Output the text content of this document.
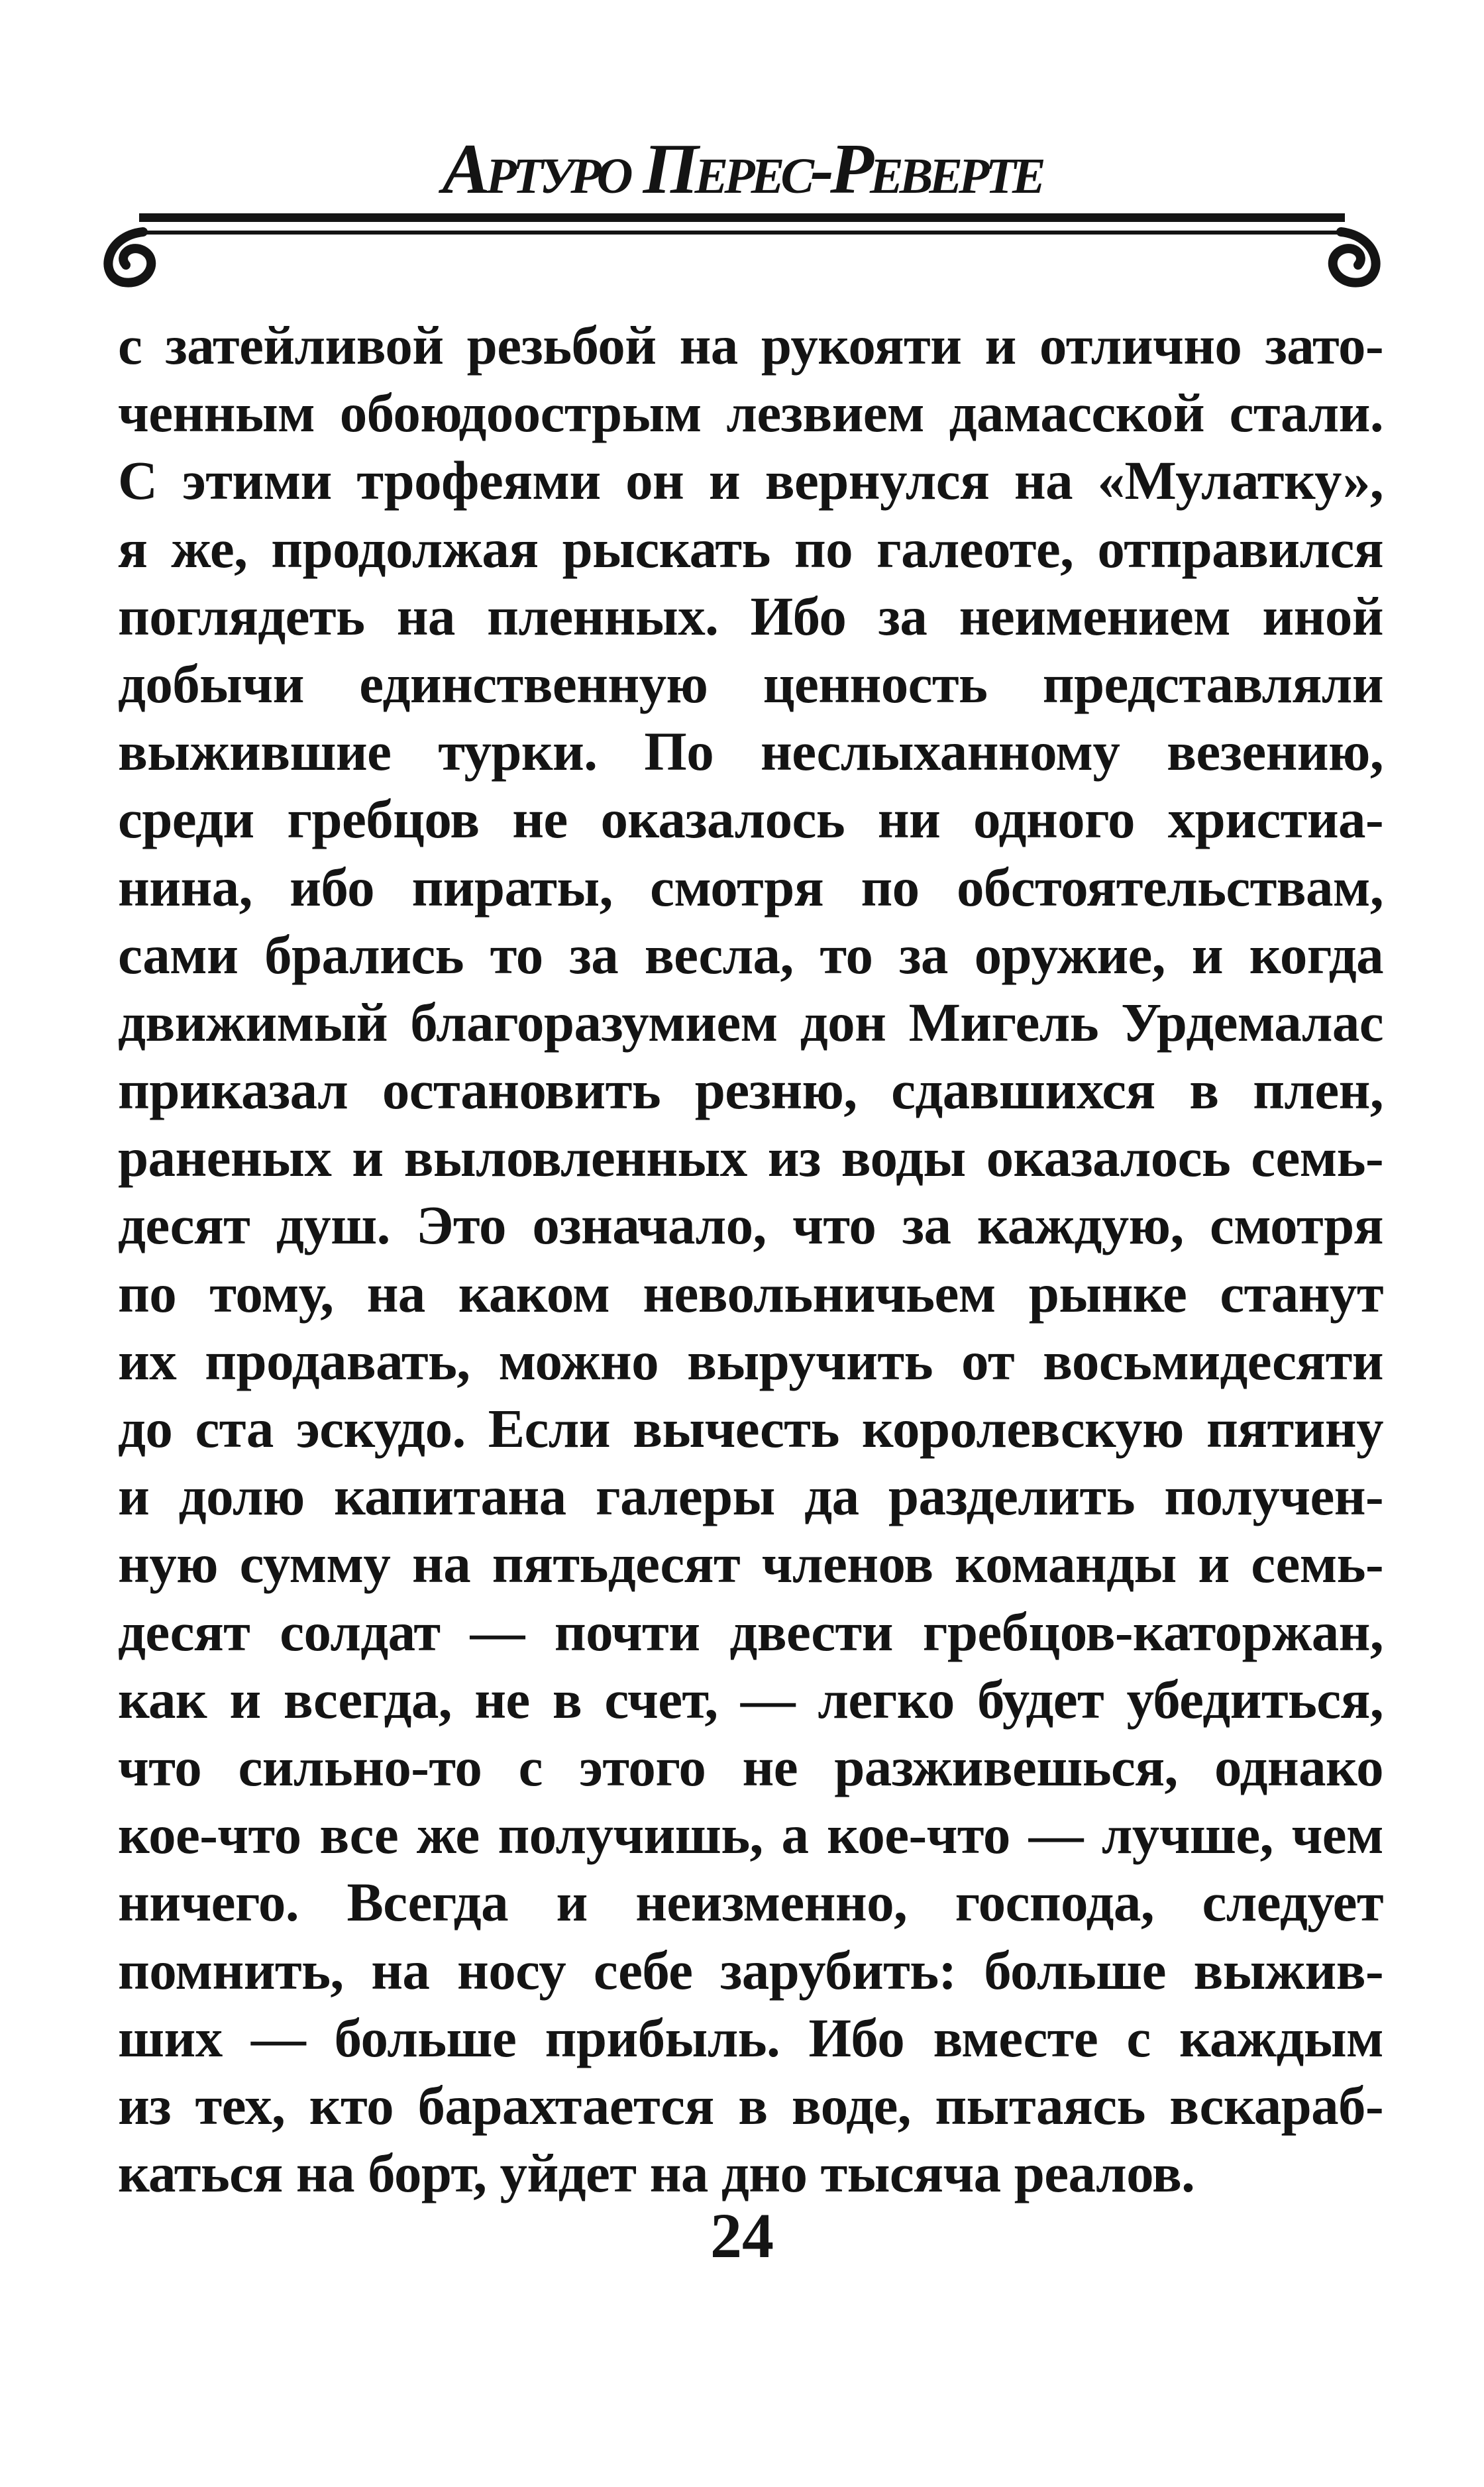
Артуро Перес-Реверте
с затейливой резьбой на рукояти и отлично зато-
ченным обоюдоострым лезвием дамасской стали.
С этими трофеями он и вернулся на «Мулатку»,
я же, продолжая рыскать по галеоте, отправился
поглядеть на пленных. Ибо за неимением иной
добычи единственную ценность представляли
выжившие турки. По неслыханному везению,
среди гребцов не оказалось ни одного христиа-
нина, ибо пираты, смотря по обстоятельствам,
сами брались то за весла, то за оружие, и когда
движимый благоразумием дон Мигель Урдемалас
приказал остановить резню, сдавшихся в плен,
раненых и выловленных из воды оказалось семь-
десят душ. Это означало, что за каждую, смотря
по тому, на каком невольничьем рынке станут
их продавать, можно выручить от восьмидесяти
до ста эскудо. Если вычесть королевскую пятину
и долю капитана галеры да разделить получен-
ную сумму на пятьдесят членов команды и семь-
десят солдат — почти двести гребцов-каторжан,
как и всегда, не в счет, — легко будет убедиться,
что сильно-то с этого не разживешься, однако
кое-что все же получишь, а кое-что — лучше, чем
ничего. Всегда и неизменно, господа, следует
помнить, на носу себе зарубить: больше выжив-
ших — больше прибыль. Ибо вместе с каждым
из тех, кто барахтается в воде, пытаясь вскараб-
каться на борт, уйдет на дно тысяча реалов.
24
